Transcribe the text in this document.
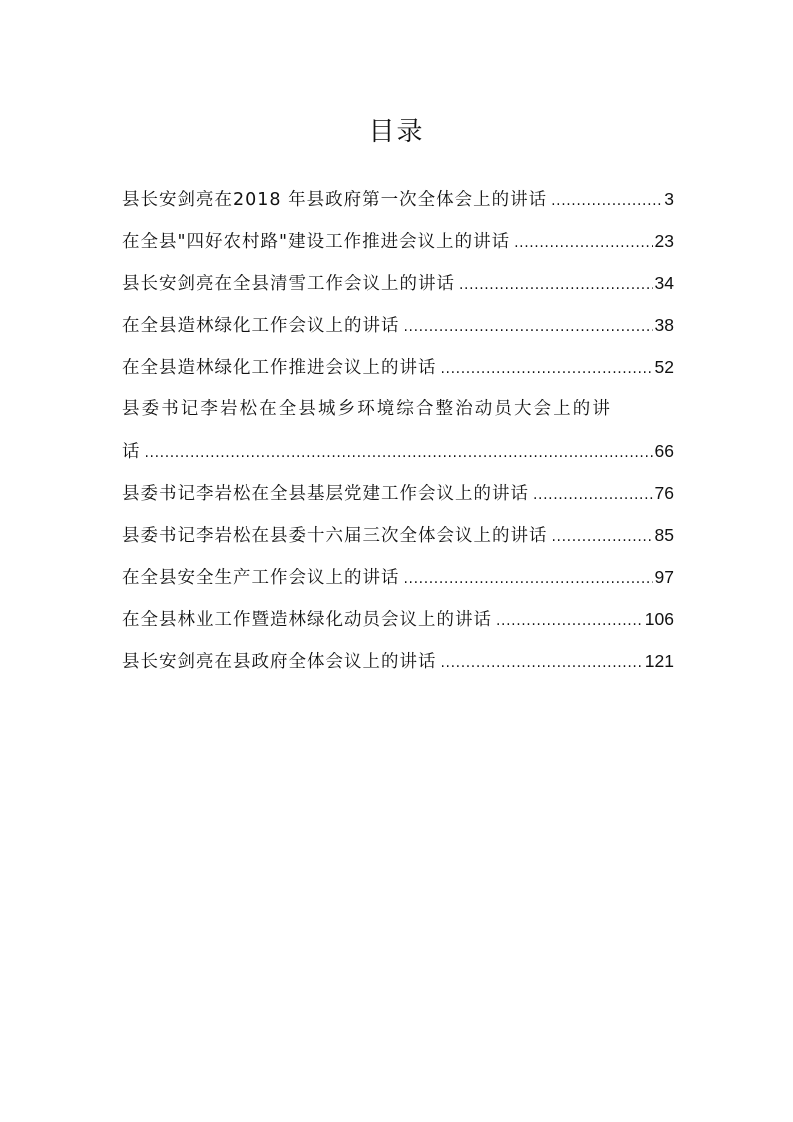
目录
县长安剑亮在2018 年县政府第一次全体会上的讲话 .....	3
在全县"四好农村路"建设工作推进会议上的讲话 .....	23
县长安剑亮在全县清雪工作会议上的讲话 .....	34
在全县造林绿化工作会议上的讲话 .....	38
在全县造林绿化工作推进会议上的讲话 .....	52
县委书记李岩松在全县城乡环境综合整治动员大会上的讲
话 .....	66
县委书记李岩松在全县基层党建工作会议上的讲话 .....	76
县委书记李岩松在县委十六届三次全体会议上的讲话 .....	85
在全县安全生产工作会议上的讲话 .....	97
在全县林业工作暨造林绿化动员会议上的讲话 .....	106
县长安剑亮在县政府全体会议上的讲话 .....	121
